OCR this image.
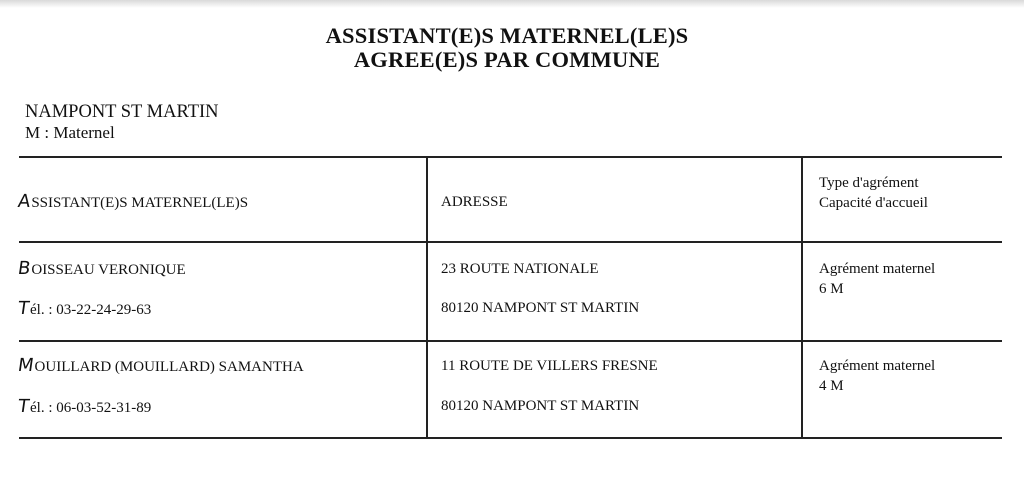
ASSISTANT(E)S MATERNEL(LE)S
AGREE(E)S PAR COMMUNE
NAMPONT ST MARTIN
M : Maternel
ASSISTANT(E)S MATERNEL(LE)S	ADRESSE
Type d'agrément
Capacité d'accueil
BOISSEAU VERONIQUE
Tél. : 03-22-24-29-63
23 ROUTE NATIONALE
80120 NAMPONT ST MARTIN
Agrément maternel
6 M
MOUILLARD (MOUILLARD) SAMANTHA
Tél. : 06-03-52-31-89
11 ROUTE DE VILLERS FRESNE
80120 NAMPONT ST MARTIN
Agrément maternel
4 M
